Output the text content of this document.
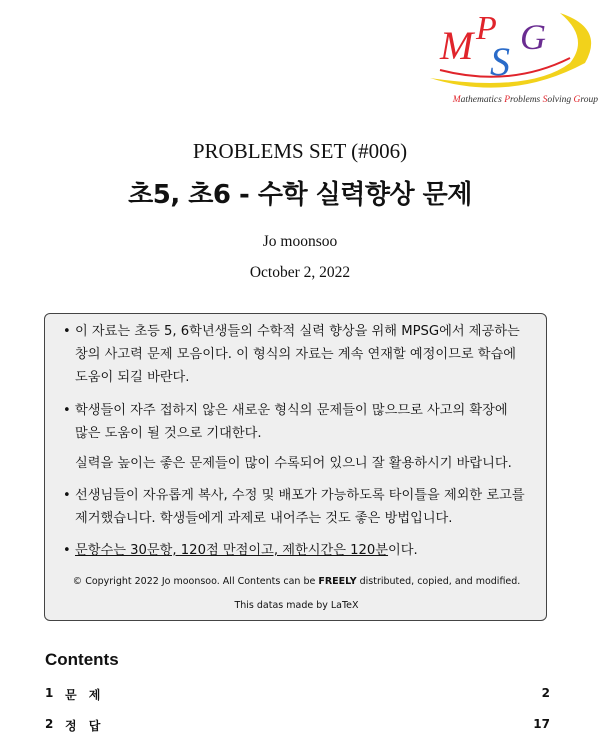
M P
S
G
Mathematics Problems Solving Group
PROBLEMS SET (#006)
초5, 초6 - 수학 실력향상 문제
Jo moonsoo
October 2, 2022
• 이 자료는 초등 5, 6학년생들의 수학적 실력 향상을 위해 MPSG에서 제공하는
창의 사고력 문제 모음이다. 이 형식의 자료는 계속 연재할 예정이므로 학습에
도움이 되길 바란다.
• 학생들이 자주 접하지 않은 새로운 형식의 문제들이 많으므로 사고의 확장에
많은 도움이 될 것으로 기대한다.
실력을 높이는 좋은 문제들이 많이 수록되어 있으니 잘 활용하시기 바랍니다.
• 선생님들이 자유롭게 복사, 수정 및 배포가 가능하도록 타이틀을 제외한 로고를
제거했습니다. 학생들에게 과제로 내어주는 것도 좋은 방법입니다.
• 문항수는 30문항, 120점 만점이고, 제한시간은 120분이다.
© Copyright 2022 Jo moonsoo. All Contents can be FREELY distributed, copied, and modified.
This datas made by LaTeX
Contents
1 문 제	2
2 정 답	17
